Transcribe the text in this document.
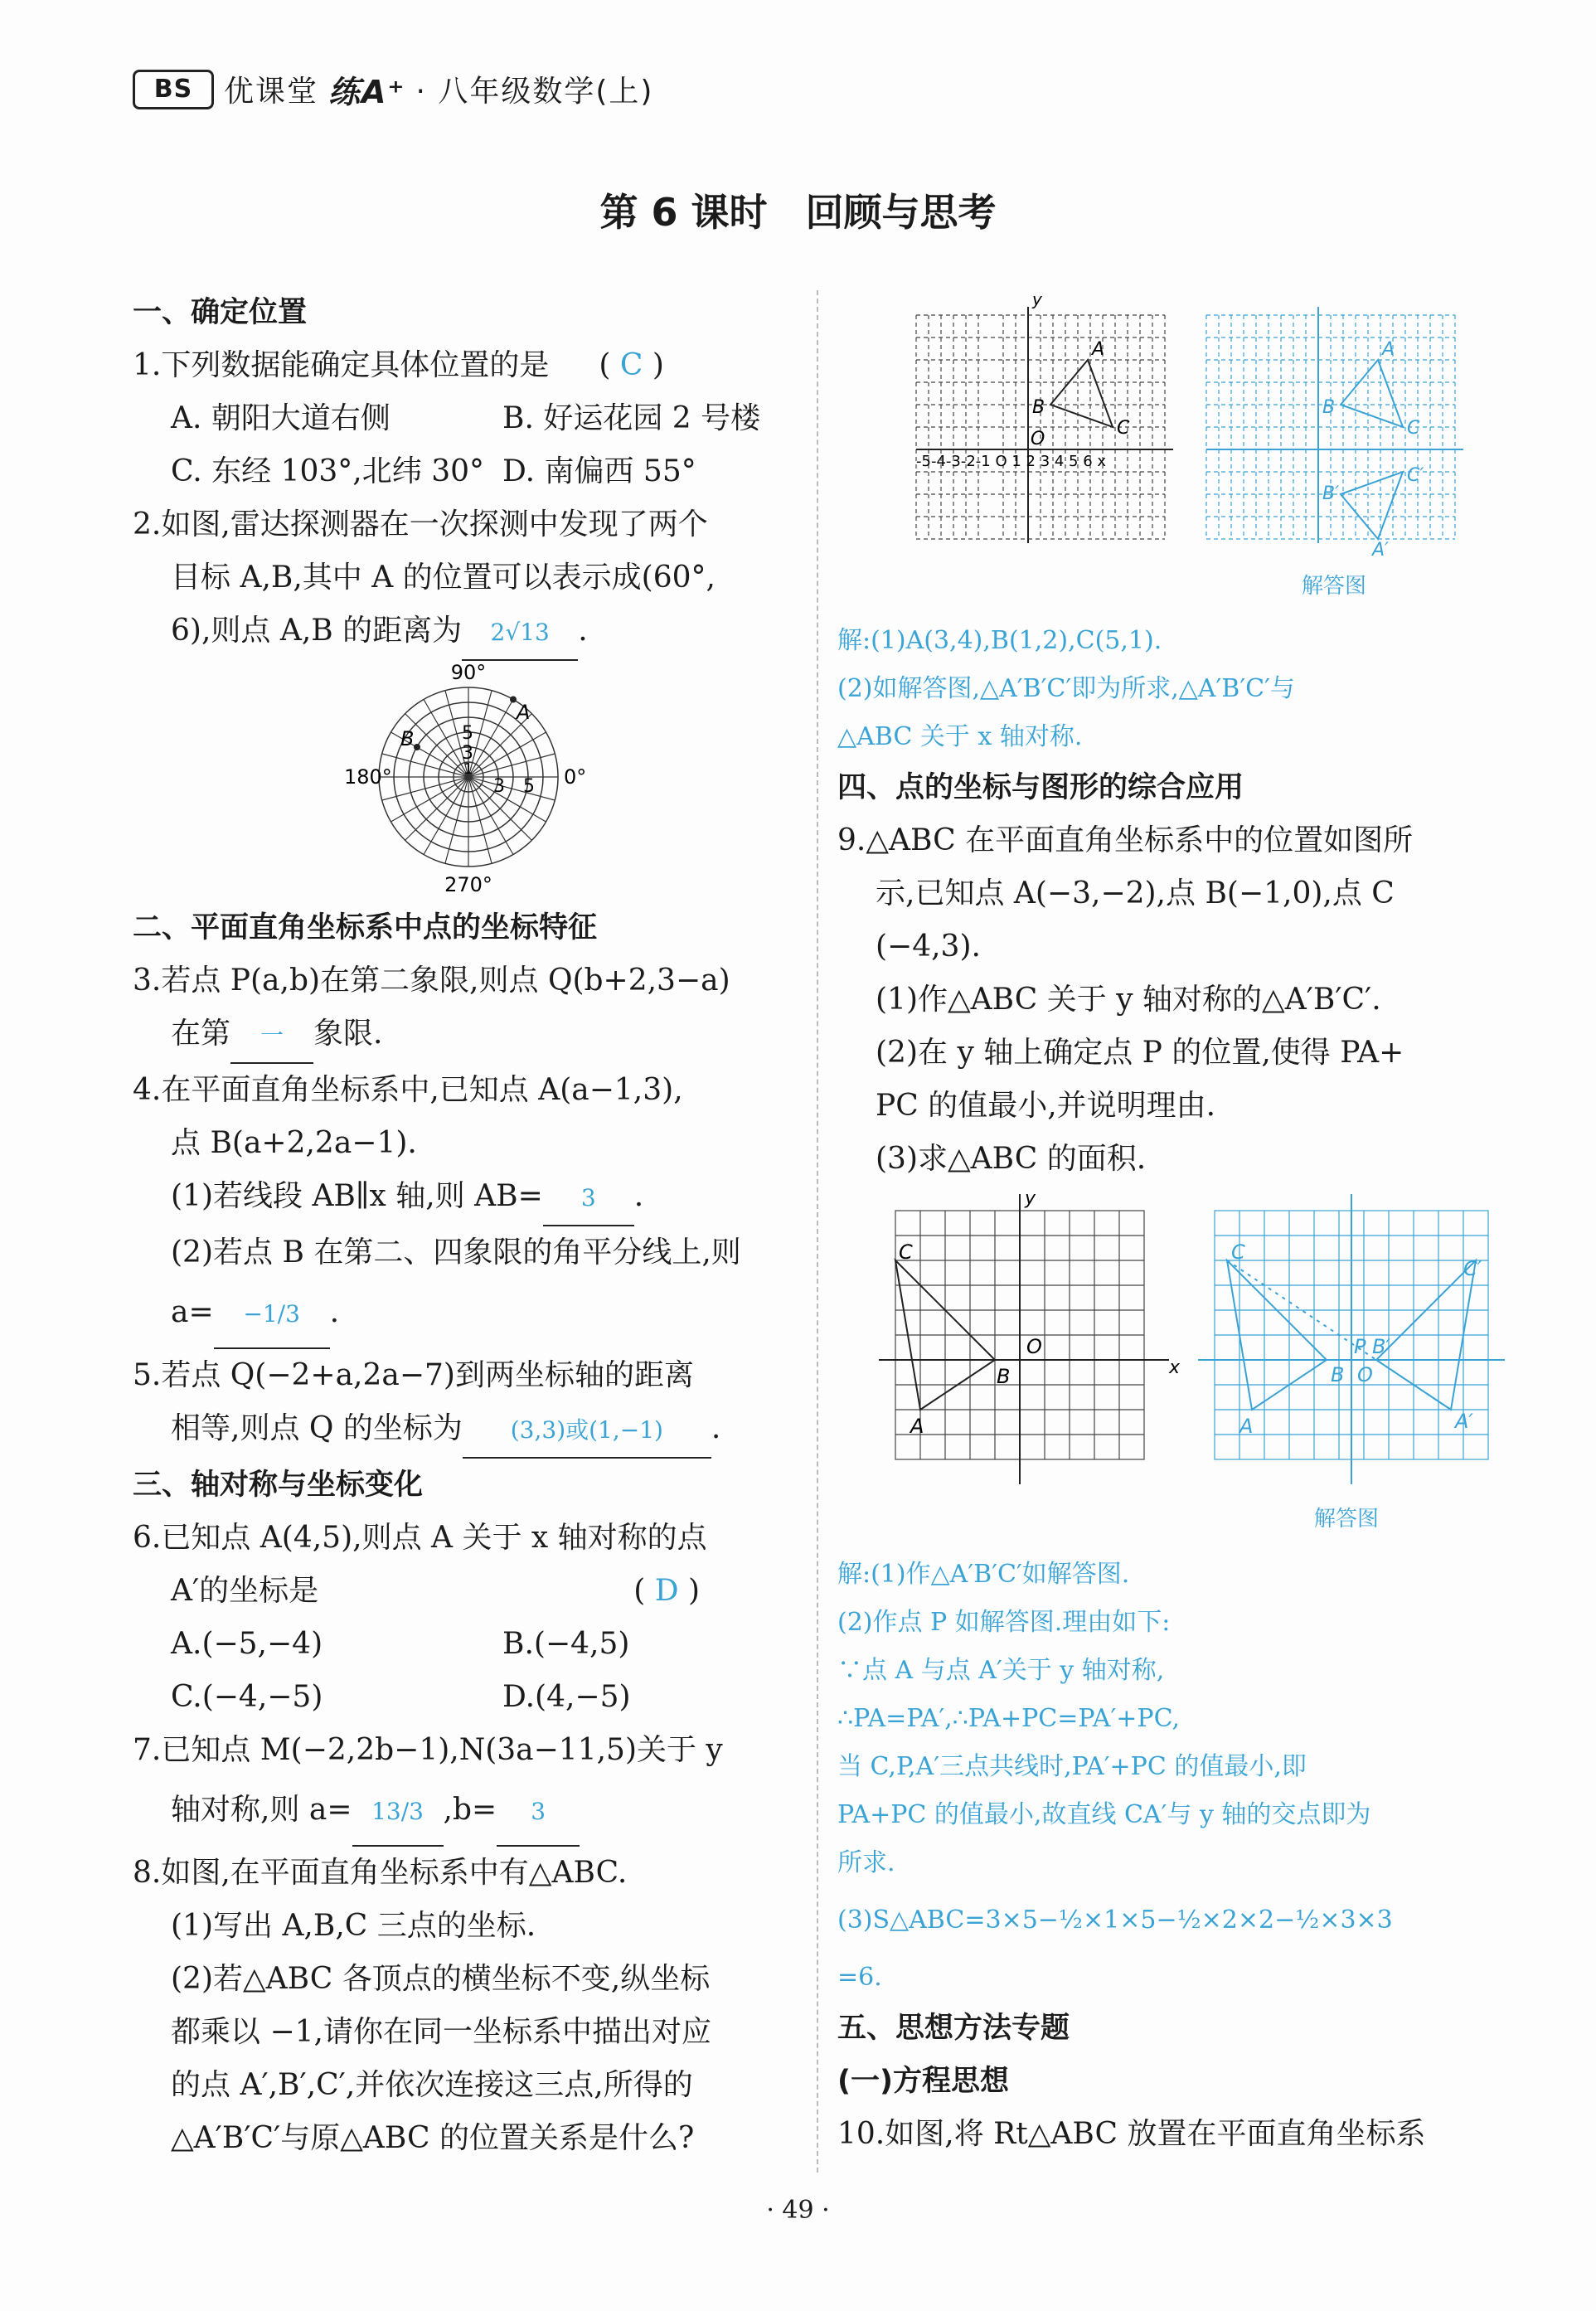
BS	优课堂 练A⁺ · 八年级数学(上)
第 6 课时　回顾与思考

一、确定位置

1.下列数据能确定具体位置的是 ( C )

A. 朝阳大道右侧	B. 好运花园 2 号楼

C. 东经 103°,北纬 30° D. 南偏西 55°

2.如图,雷达探测器在一次探测中发现了两个

目标 A,B,其中 A 的位置可以表示成(60°,

6),则点 A,B 的距离为 2√13 .

90°
180°	0°
270°
A
B	5
3
1
3 5

二、平面直角坐标系中点的坐标特征

3.若点 P(a,b)在第二象限,则点 Q(b+2,3−a)

在第 一 象限.

4.在平面直角坐标系中,已知点 A(a−1,3),

点 B(a+2,2a−1).

(1)若线段 AB∥x 轴,则 AB= 3 .

(2)若点 B 在第二、四象限的角平分线上,则

a= −1/3 .

5.若点 Q(−2+a,2a−7)到两坐标轴的距离

相等,则点 Q 的坐标为 (3,3)或(1,−1) .

三、轴对称与坐标变化

6.已知点 A(4,5),则点 A 关于 x 轴对称的点

A′的坐标是	( D )

A.(−5,−4)	B.(−4,5)

C.(−4,−5)	D.(4,−5)

7.已知点 M(−2,2b−1),N(3a−11,5)关于 y

轴对称,则 a= 13/3 ,b= 3

8.如图,在平面直角坐标系中有△ABC.

(1)写出 A,B,C 三点的坐标.

(2)若△ABC 各顶点的横坐标不变,纵坐标

都乘以 −1,请你在同一坐标系中描出对应

的点 A′,B′,C′,并依次连接这三点,所得的

△A′B′C′与原△ABC 的位置关系是什么?

y
A
B
C
O
-5-4-3-2-1 O 1 2 3 4 5 6 x
A
B
C
A′
B′
C′
解答图

解:(1)A(3,4),B(1,2),C(5,1).

(2)如解答图,△A′B′C′即为所求,△A′B′C′与

△ABC 关于 x 轴对称.

四、点的坐标与图形的综合应用

9.△ABC 在平面直角坐标系中的位置如图所

示,已知点 A(−3,−2),点 B(−1,0),点 C

(−4,3).

(1)作△ABC 关于 y 轴对称的△A′B′C′.

(2)在 y 轴上确定点 P 的位置,使得 PA+

PC 的值最小,并说明理由.

(3)求△ABC 的面积.

y
x
C
B
A
O
C
C′
B
B′
P
O
A	A′
解答图

解:(1)作△A′B′C′如解答图.

(2)作点 P 如解答图.理由如下:

∵点 A 与点 A′关于 y 轴对称,

∴PA=PA′,∴PA+PC=PA′+PC,

当 C,P,A′三点共线时,PA′+PC 的值最小,即

PA+PC 的值最小,故直线 CA′与 y 轴的交点即为

所求.

(3)S△ABC=3×5−½×1×5−½×2×2−½×3×3

=6.

五、思想方法专题

(一)方程思想

10.如图,将 Rt△ABC 放置在平面直角坐标系

· 49 ·
